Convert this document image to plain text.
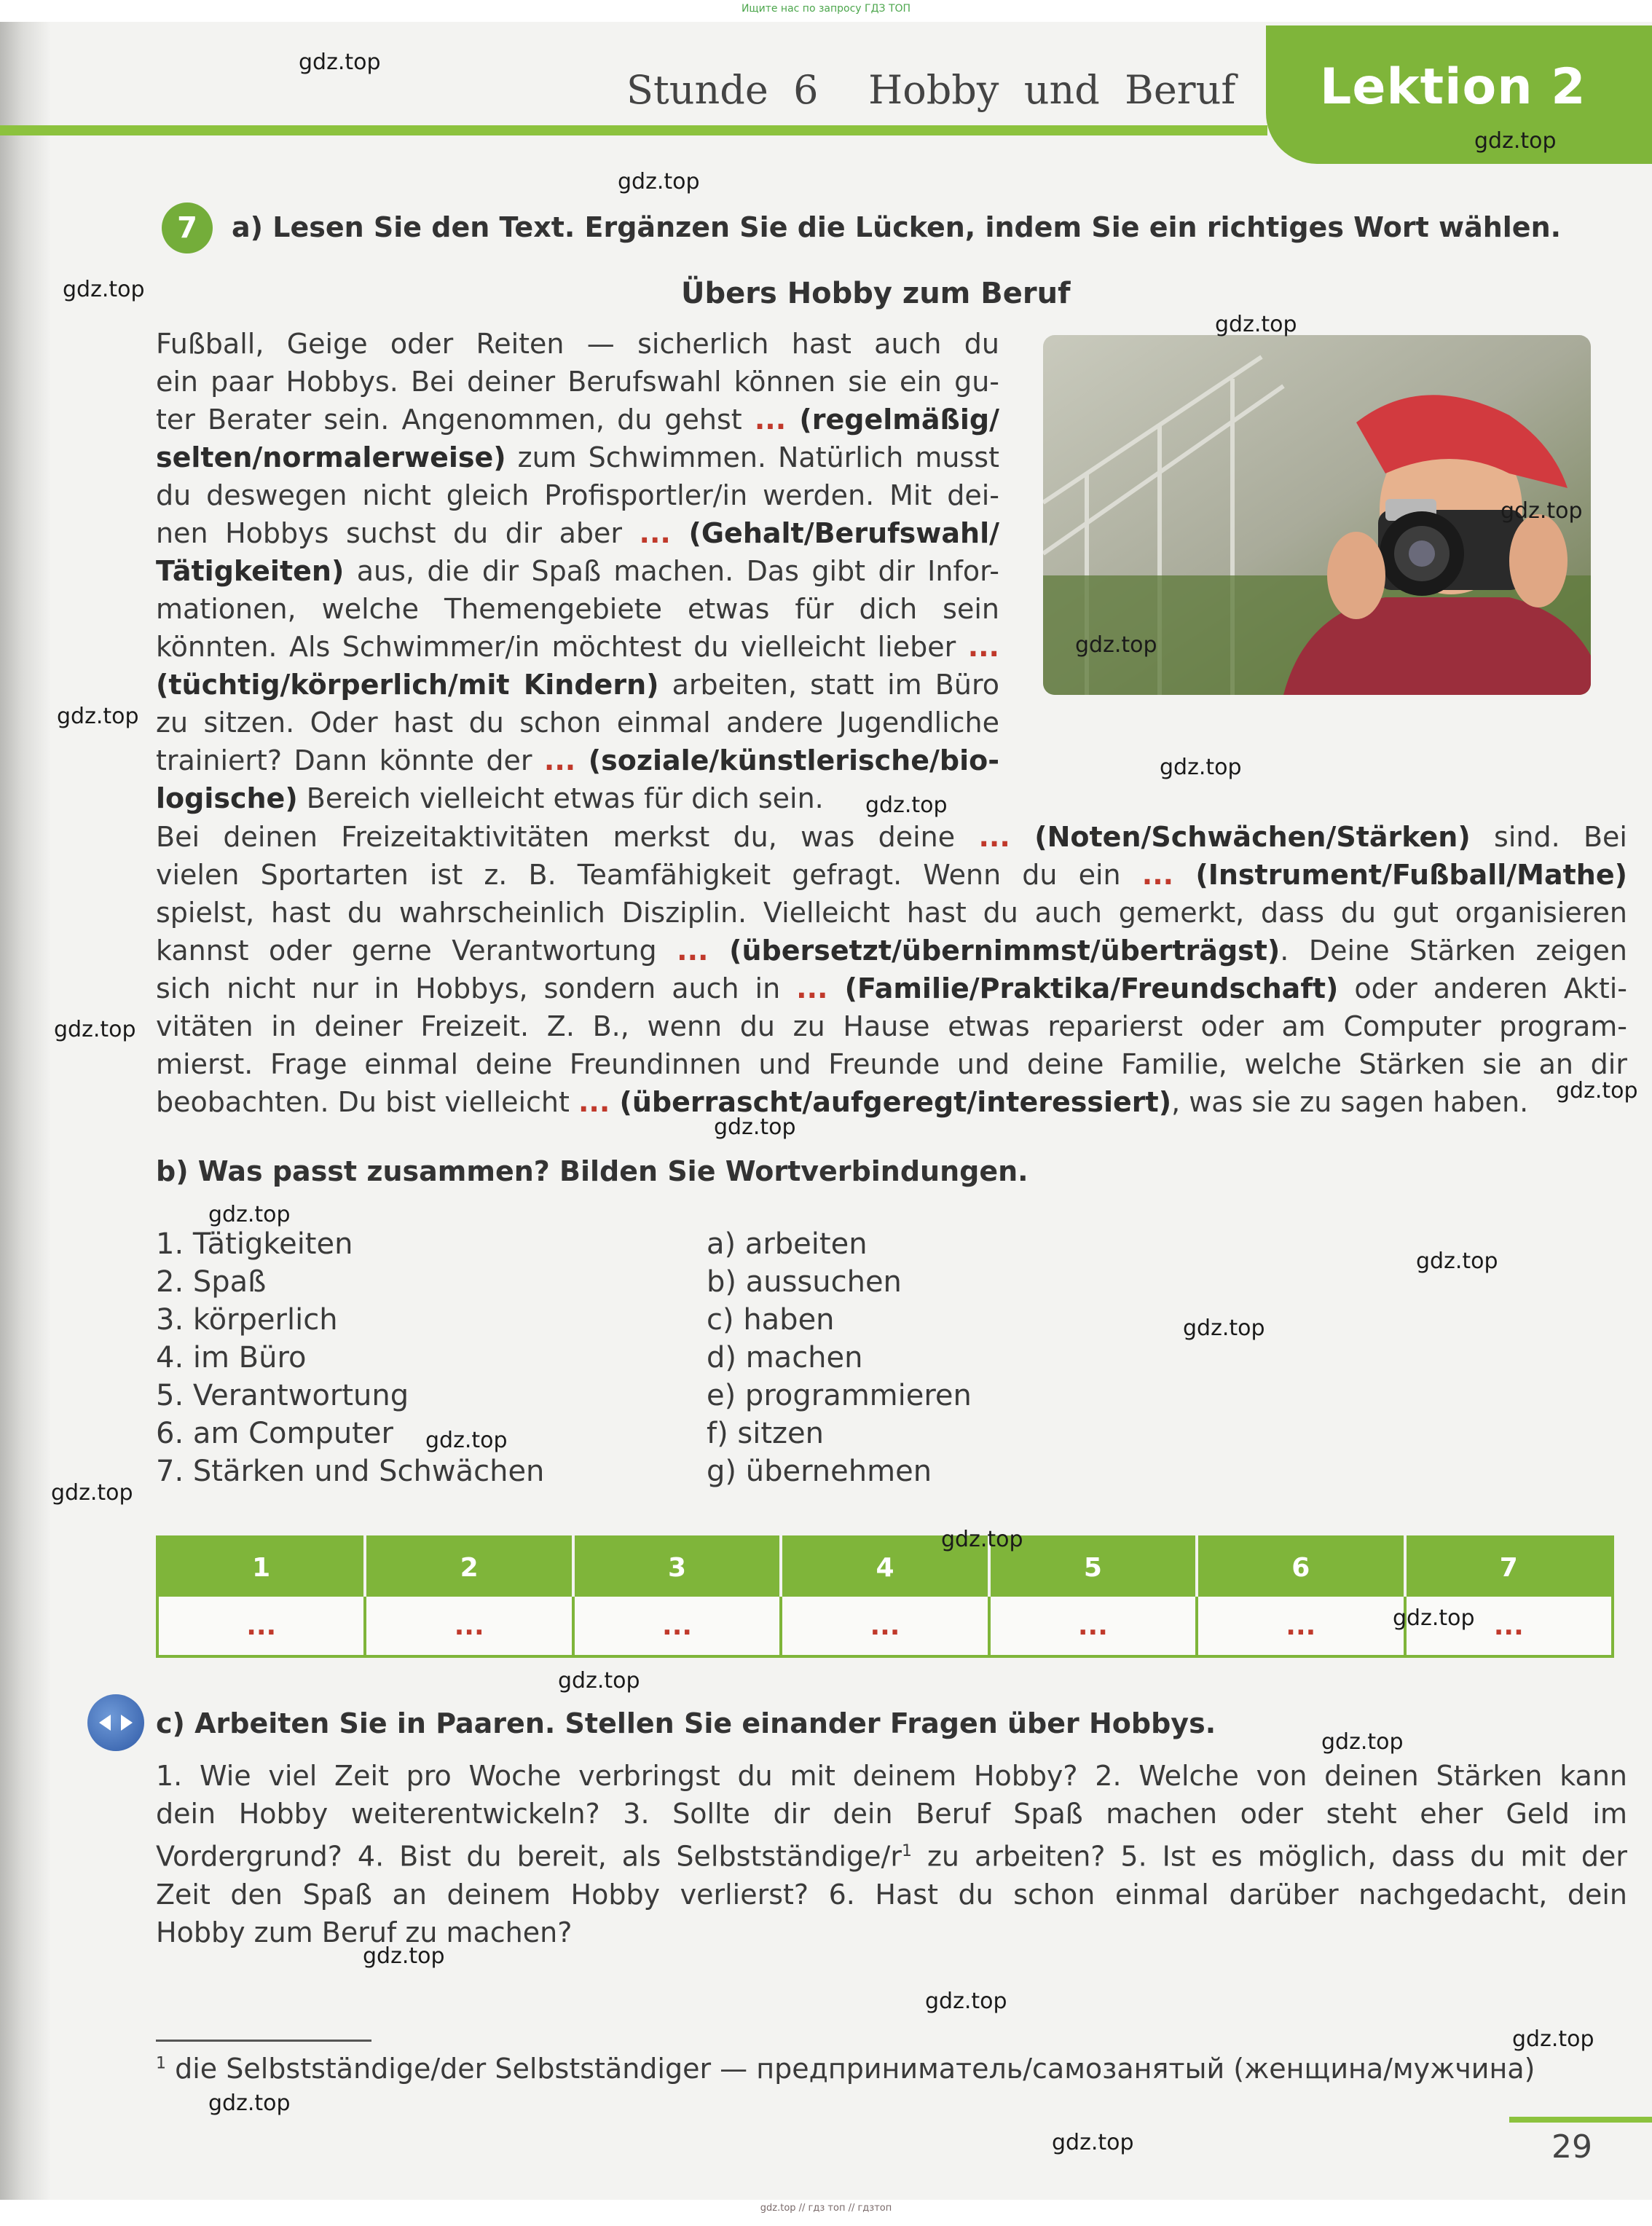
Ищите нас по запросу ГДЗ ТОП
Stunde  6    Hobby  und  Beruf Lektion 2
7	a) Lesen Sie den Text. Ergänzen Sie die Lücken, indem Sie ein richtiges Wort wählen.
Übers Hobby zum Beruf

Fußball, Geige oder Reiten — sicherlich hast auch du
ein paar Hobbys. Bei deiner Berufswahl können sie ein gu-
ter Berater sein. Angenommen, du gehst ... (regelmäßig/
selten/normalerweise) zum Schwimmen. Natürlich musst
du deswegen nicht gleich Profisportler/in werden. Mit dei-
nen Hobbys suchst du dir aber ... (Gehalt/Berufswahl/
Tätigkeiten) aus, die dir Spaß machen. Das gibt dir Infor-
mationen, welche Themengebiete etwas für dich sein
könnten. Als Schwimmer/in möchtest du vielleicht lieber ...
(tüchtig/körperlich/mit Kindern) arbeiten, statt im Büro
zu sitzen. Oder hast du schon einmal andere Jugendliche
trainiert? Dann könnte der ... (soziale/künstlerische/bio-
logische) Bereich vielleicht etwas für dich sein.

Bei deinen Freizeitaktivitäten merkst du, was deine ... (Noten/Schwächen/Stärken) sind. Bei
vielen Sportarten ist z. B. Teamfähigkeit gefragt. Wenn du ein ... (Instrument/Fußball/Mathe)
spielst, hast du wahrscheinlich Disziplin. Vielleicht hast du auch gemerkt, dass du gut organisieren
kannst oder gerne Verantwortung ... (übersetzt/übernimmst/überträgst). Deine Stärken zeigen
sich nicht nur in Hobbys, sondern auch in ... (Familie/Praktika/Freundschaft) oder anderen Akti-
vitäten in deiner Freizeit. Z. B., wenn du zu Hause etwas reparierst oder am Computer program-
mierst. Frage einmal deine Freundinnen und Freunde und deine Familie, welche Stärken sie an dir
beobachten. Du bist vielleicht ... (überrascht/aufgeregt/interessiert), was sie zu sagen haben.

b) Was passt zusammen? Bilden Sie Wortverbindungen.
1. Tätigkeiten
2. Spaß
3. körperlich
4. im Büro
5. Verantwortung
6. am Computer
7. Stärken und Schwächen
a) arbeiten
b) aussuchen
c) haben
d) machen
e) programmieren
f) sitzen
g) übernehmen
1	2	3	4	5	6	7
...	...	...	...	...	...	...
c) Arbeiten Sie in Paaren. Stellen Sie einander Fragen über Hobbys.

1. Wie viel Zeit pro Woche verbringst du mit deinem Hobby? 2. Welche von deinen Stärken kann
dein Hobby weiterentwickeln? 3. Sollte dir dein Beruf Spaß machen oder steht eher Geld im
Vordergrund? 4. Bist du bereit, als Selbstständige/$r^1$ zu arbeiten? 5. Ist es möglich, dass du mit der
Zeit den Spaß an deinem Hobby verlierst? 6. Hast du schon einmal darüber nachgedacht, dein
Hobby zum Beruf zu machen?

$^1$ die Selbstständige/der Selbstständiger — предприниматель/самозанятый (женщина/мужчина)
29
gdz.top // гдз топ // гдзтоп
gdz.top
gdz.top
gdz.top
gdz.top
gdz.top
gdz.top
gdz.top
gdz.top
gdz.top
gdz.top
gdz.top
gdz.top
gdz.top
gdz.top
gdz.top
gdz.top
gdz.top
gdz.top
gdz.top
gdz.top
gdz.top
gdz.top
gdz.top
gdz.top
gdz.top
gdz.top
gdz.top
